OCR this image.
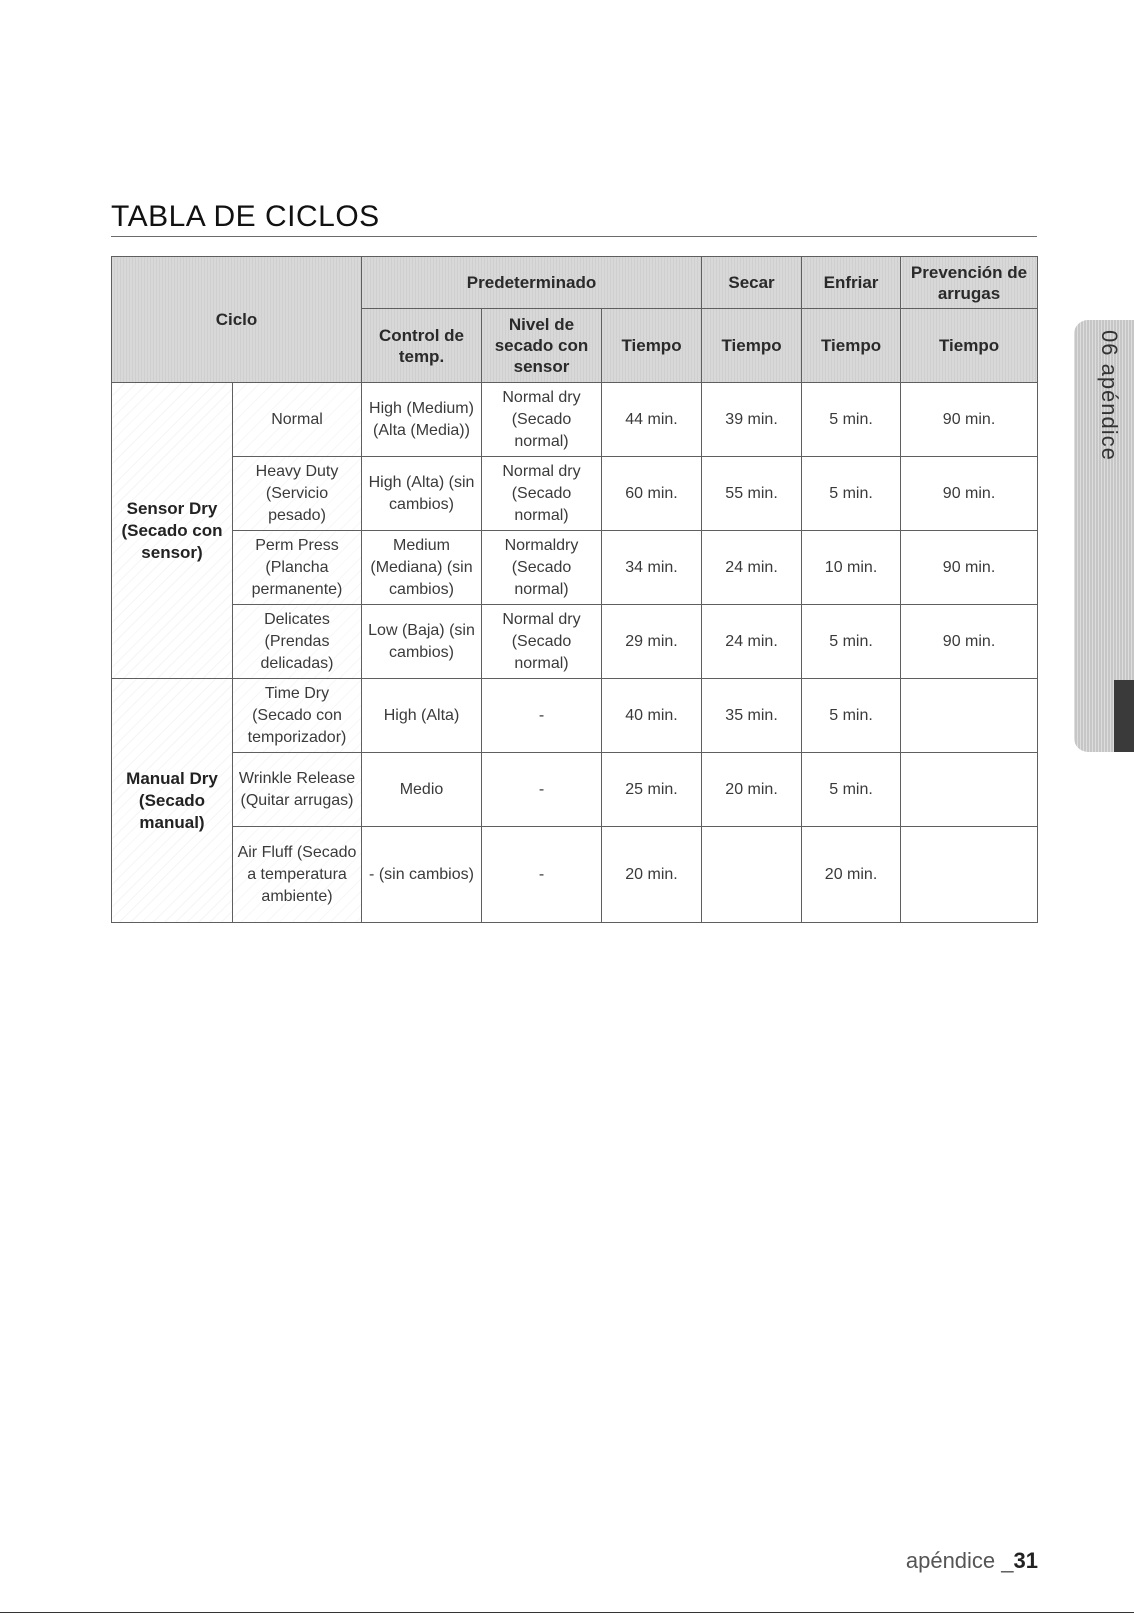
TABLA DE CICLOS
Ciclo		Predeterminado			Secar	Enfriar	Prevención de arrugas
		Control de temp.	Nivel de secado con sensor	Tiempo	Tiempo	Tiempo	Tiempo
Sensor Dry (Secado con sensor)	Normal	High (Medium) (Alta (Media))	Normal dry (Secado normal)	44 min.	39 min.	5 min.	90 min.
	Heavy Duty (Servicio pesado)	High (Alta) (sin cambios)	Normal dry (Secado normal)	60 min.	55 min.	5 min.	90 min.
	Perm Press (Plancha permanente)	Medium (Mediana) (sin cambios)	Normaldry (Secado normal)	34 min.	24 min.	10 min.	90 min.
	Delicates (Prendas delicadas)	Low (Baja) (sin cambios)	Normal dry (Secado normal)	29 min.	24 min.	5 min.	90 min.
Manual Dry (Secado manual)	Time Dry (Secado con temporizador)	High (Alta)	-	40 min.	35 min.	5 min.	
	Wrinkle Release (Quitar arrugas)	Medio	-	25 min.	20 min.	5 min.	
	Air Fluff (Secado a temperatura ambiente)	- (sin cambios)	-	20 min.		20 min.	
06 apéndice
apéndice _31
